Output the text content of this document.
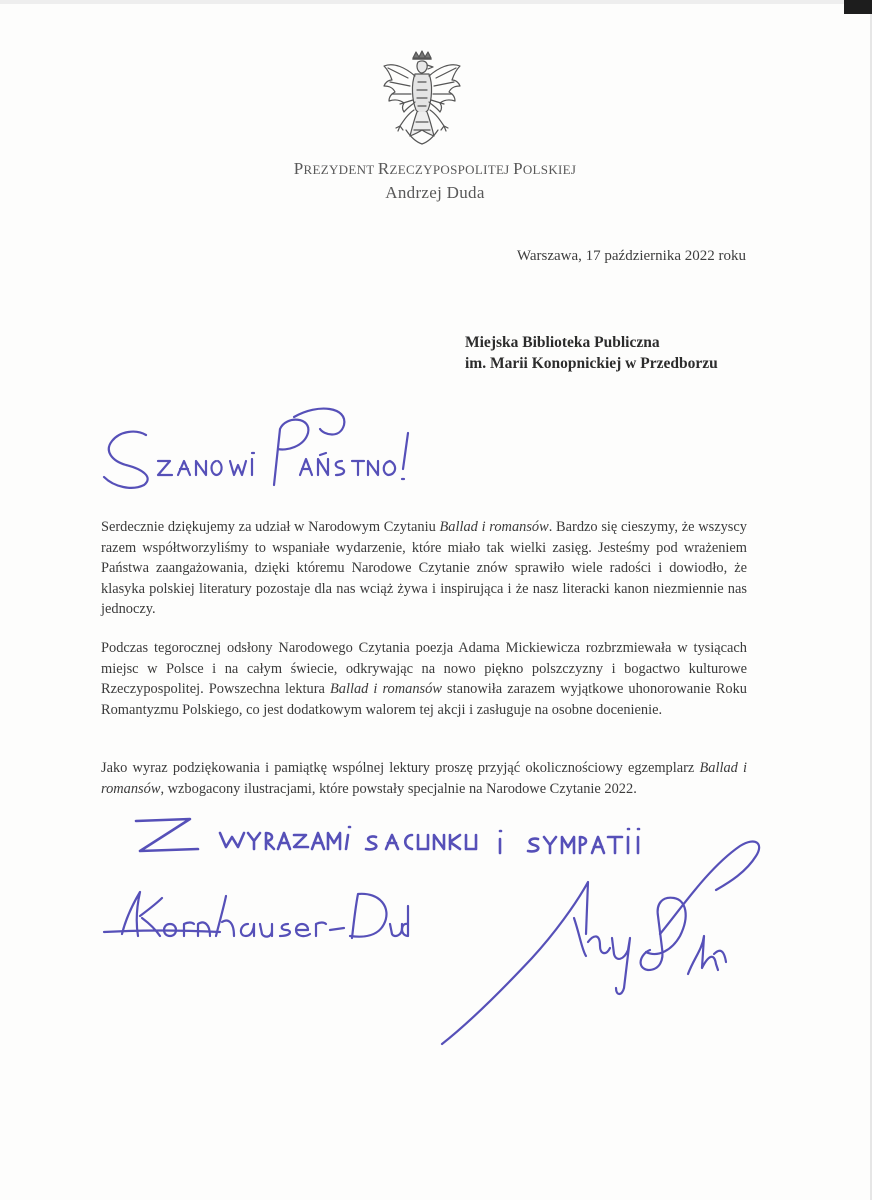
PREZYDENT RZECZYPOSPOLITEJ POLSKIEJ
Andrzej Duda
Warszawa, 17 października 2022 roku
Miejska Biblioteka Publiczna
im. Marii Konopnickiej w Przedborzu

Serdecznie dziękujemy za udział w Narodowym Czytaniu Ballad i romansów. Bardzo się cieszymy, że wszyscy razem współtworzyliśmy to wspaniałe wydarzenie, które miało tak wielki zasięg. Jesteśmy pod wrażeniem Państwa zaangażowania, dzięki któremu Narodowe Czytanie znów sprawiło wiele radości i dowiodło, że klasyka polskiej literatury pozostaje dla nas wciąż żywa i inspirująca i że nasz literacki kanon niezmiennie nas jednoczy.

Podczas tegorocznej odsłony Narodowego Czytania poezja Adama Mickiewicza rozbrzmiewała w tysiącach miejsc w Polsce i na całym świecie, odkrywając na nowo piękno polszczyzny i bogactwo kulturowe Rzeczypospolitej. Powszechna lektura Ballad i romansów stanowiła zarazem wyjątkowe uhonorowanie Roku Romantyzmu Polskiego, co jest dodatkowym walorem tej akcji i zasługuje na osobne docenienie.

Jako wyraz podziękowania i pamiątkę wspólnej lektury proszę przyjąć okolicznościowy egzemplarz Ballad i romansów, wzbogacony ilustracjami, które powstały specjalnie na Narodowe Czytanie 2022.
